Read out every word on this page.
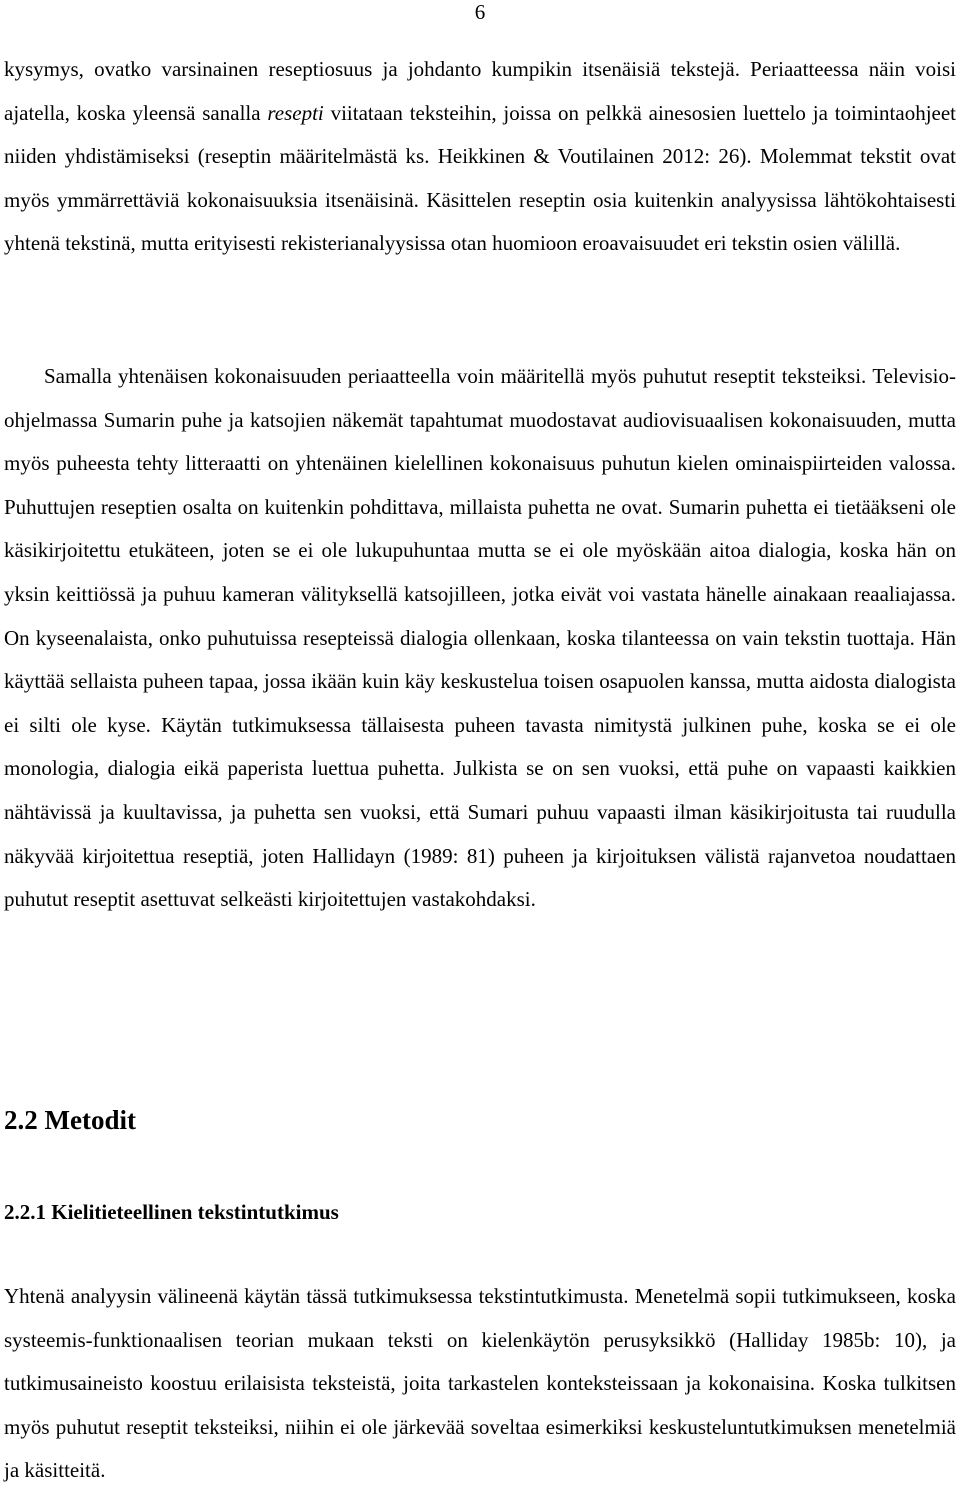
6

kysymys, ovatko varsinainen reseptiosuus ja johdanto kumpikin itsenäisiä tekstejä. Periaatteessa näin voisi ajatella, koska yleensä sanalla resepti viitataan teksteihin, joissa on pelkkä ainesosien luettelo ja toimintaohjeet niiden yhdistämiseksi (reseptin määritelmästä ks. Heikkinen & Voutilainen 2012: 26). Molemmat tekstit ovat myös ymmärrettäviä kokonaisuuksia itsenäisinä. Käsittelen reseptin osia kuitenkin analyysissa lähtökohtaisesti yhtenä tekstinä, mutta erityisesti rekisterianalyysissa otan huomioon eroavaisuudet eri tekstin osien välillä.

Samalla yhtenäisen kokonaisuuden periaatteella voin määritellä myös puhutut reseptit teksteiksi. Televisio-ohjelmassa Sumarin puhe ja katsojien näkemät tapahtumat muodostavat audiovisuaalisen kokonaisuuden, mutta myös puheesta tehty litteraatti on yhtenäinen kielellinen kokonaisuus puhutun kielen ominaispiirteiden valossa. Puhuttujen reseptien osalta on kuitenkin pohdittava, millaista puhetta ne ovat. Sumarin puhetta ei tietääkseni ole käsikirjoitettu etukäteen, joten se ei ole lukupuhuntaa mutta se ei ole myöskään aitoa dialogia, koska hän on yksin keittiössä ja puhuu kameran välityksellä katsojilleen, jotka eivät voi vastata hänelle ainakaan reaaliajassa. On kyseenalaista, onko puhutuissa resepteissä dialogia ollenkaan, koska tilanteessa on vain tekstin tuottaja. Hän käyttää sellaista puheen tapaa, jossa ikään kuin käy keskustelua toisen osapuolen kanssa, mutta aidosta dialogista ei silti ole kyse. Käytän tutkimuksessa tällaisesta puheen tavasta nimitystä julkinen puhe, koska se ei ole monologia, dialogia eikä paperista luettua puhetta. Julkista se on sen vuoksi, että puhe on vapaasti kaikkien nähtävissä ja kuultavissa, ja puhetta sen vuoksi, että Sumari puhuu vapaasti ilman käsikirjoitusta tai ruudulla näkyvää kirjoitettua reseptiä, joten Hallidayn (1989: 81) puheen ja kirjoituksen välistä rajanvetoa noudattaen puhutut reseptit asettuvat selkeästi kirjoitettujen vastakohdaksi.

2.2 Metodit
2.2.1 Kielitieteellinen tekstintutkimus

Yhtenä analyysin välineenä käytän tässä tutkimuksessa tekstintutkimusta. Menetelmä sopii tutkimukseen, koska systeemis-funktionaalisen teorian mukaan teksti on kielenkäytön perusyksikkö (Halliday 1985b: 10), ja tutkimusaineisto koostuu erilaisista teksteistä, joita tarkastelen konteksteissaan ja kokonaisina. Koska tulkitsen myös puhutut reseptit teksteiksi, niihin ei ole järkevää soveltaa esimerkiksi keskusteluntutkimuksen menetelmiä ja käsitteitä.
